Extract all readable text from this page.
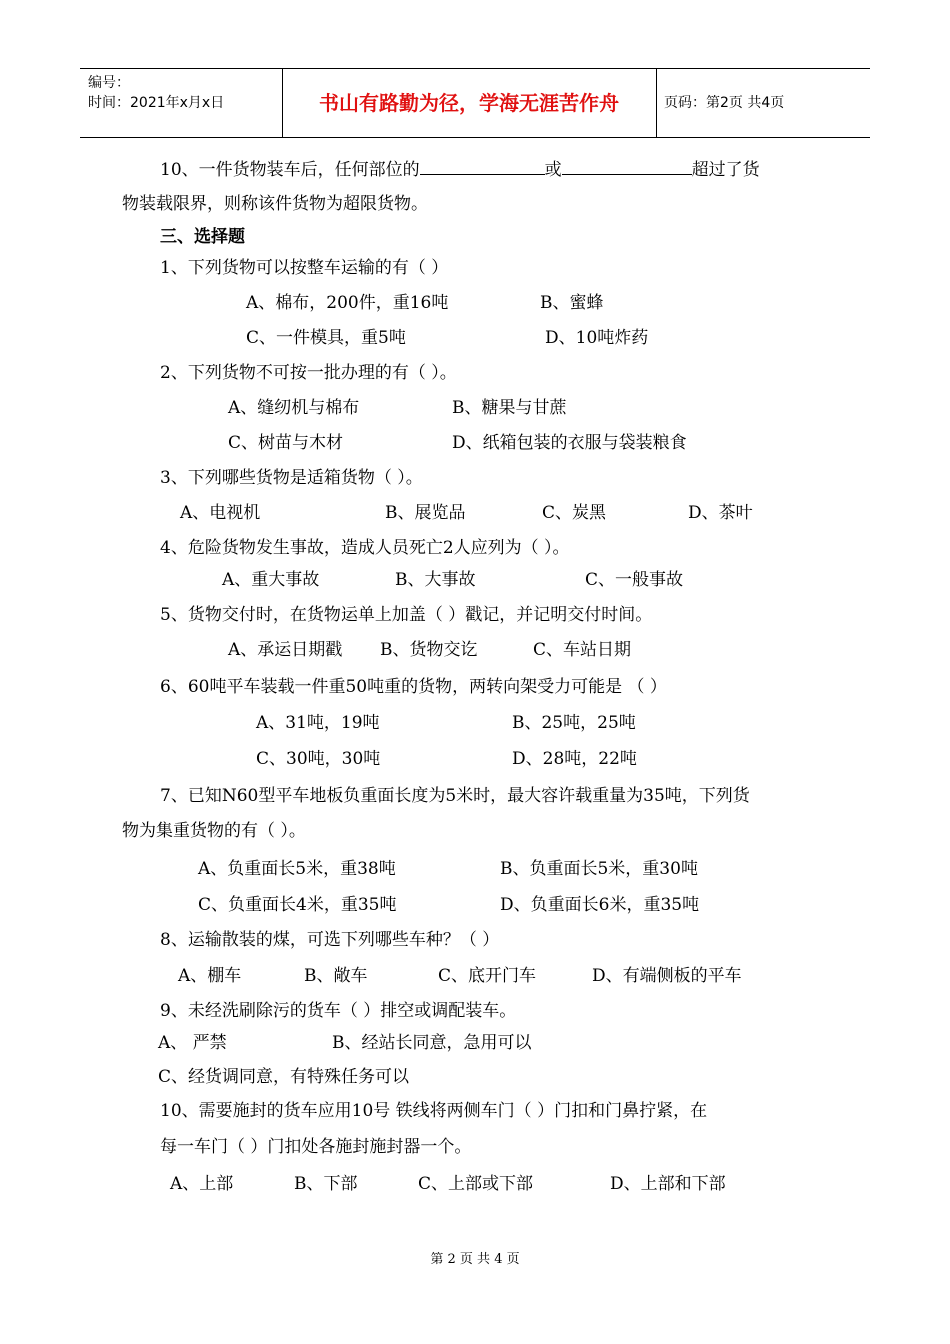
编号：
时间：2021年x月x日	书山有路勤为径，学海无涯苦作舟	页码：第2页 共4页
10、一件货物装车后，任何部位的	或	超过了货
物装载限界，则称该件货物为超限货物。
三、选择题
1、下列货物可以按整车运输的有（ ）
A、棉布，200件，重16吨	B、蜜蜂
C、一件模具，重5吨	D、10吨炸药
2、下列货物不可按一批办理的有（ ）。
A、缝纫机与棉布	B、糖果与甘蔗
C、树苗与木材	D、纸箱包装的衣服与袋装粮食
3、下列哪些货物是适箱货物（ ）。
A、电视机	B、展览品	C、炭黑	D、茶叶
4、危险货物发生事故，造成人员死亡2人应列为（ ）。
A、重大事故	B、大事故	C、一般事故
5、货物交付时，在货物运单上加盖（ ）戳记，并记明交付时间。
A、承运日期戳 B、货物交讫	C、车站日期
6、60吨平车装载一件重50吨重的货物，两转向架受力可能是 （ ）
A、31吨，19吨	B、25吨，25吨
C、30吨，30吨	D、28吨，22吨
7、已知N60型平车地板负重面长度为5米时，最大容许载重量为35吨，下列货
物为集重货物的有（ ）。
A、负重面长5米，重38吨	B、负重面长5米，重30吨
C、负重面长4米，重35吨	D、负重面长6米，重35吨
8、运输散装的煤，可选下列哪些车种？（ ）
A、棚车	B、敞车	C、底开门车	D、有端侧板的平车
9、未经洗刷除污的货车（ ）排空或调配装车。
A、 严禁	B、经站长同意，急用可以
C、经货调同意，有特殊任务可以
10、需要施封的货车应用10号 铁线将两侧车门（ ）门扣和门鼻拧紧，在
每一车门（ ）门扣处各施封施封器一个。
A、上部	B、下部	C、上部或下部	D、上部和下部
第 2 页 共 4 页
